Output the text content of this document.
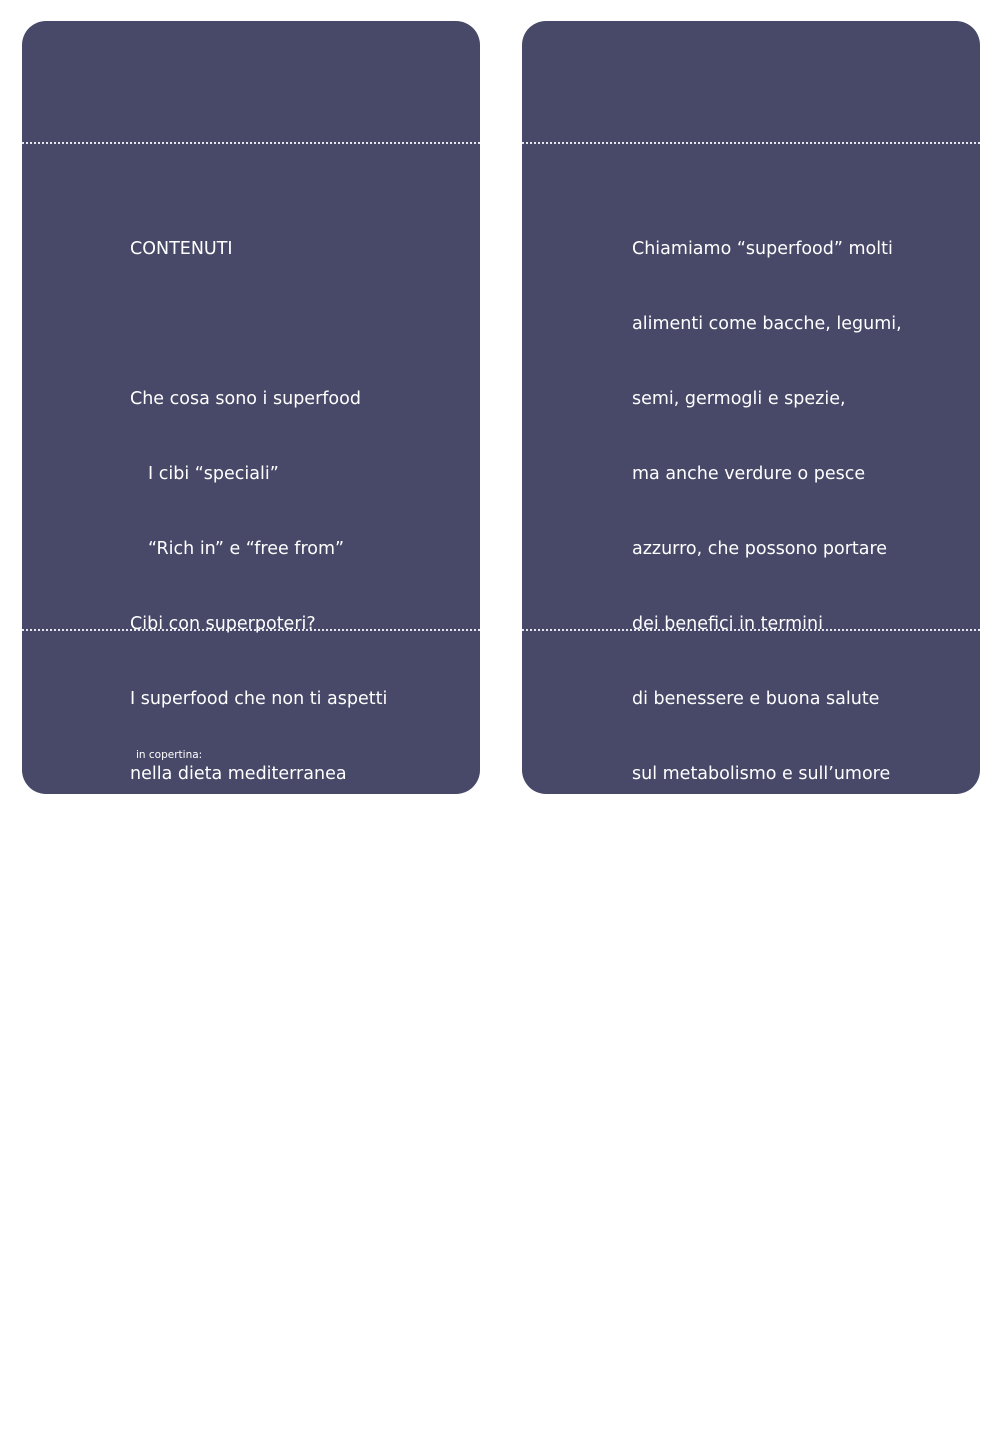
CONTENUTI

Che cosa sono i superfood

I cibi “speciali”

“Rich in” e “free from”

Cibi con superpoteri?

I superfood che non ti aspetti

nella dieta mediterranea

Kefir

Frutta secca

Semi di chia

Semi di canapa

Curcuma

Zenzero

in copertina:

©alicja neumiler / stock.adobe.com

Chiamiamo “superfood” molti

alimenti come bacche, legumi,

semi, germogli e spezie,

ma anche verdure o pesce

azzurro, che possono portare

dei benefici in termini

di benessere e buona salute

sul metabolismo e sull’umore

della persona.

Un vero e proprio tesoro

a portata di mano

che merita di essere

riscoperto, valorizzato

e sfruttato.

Per sentirsi bene ogni giorno.
